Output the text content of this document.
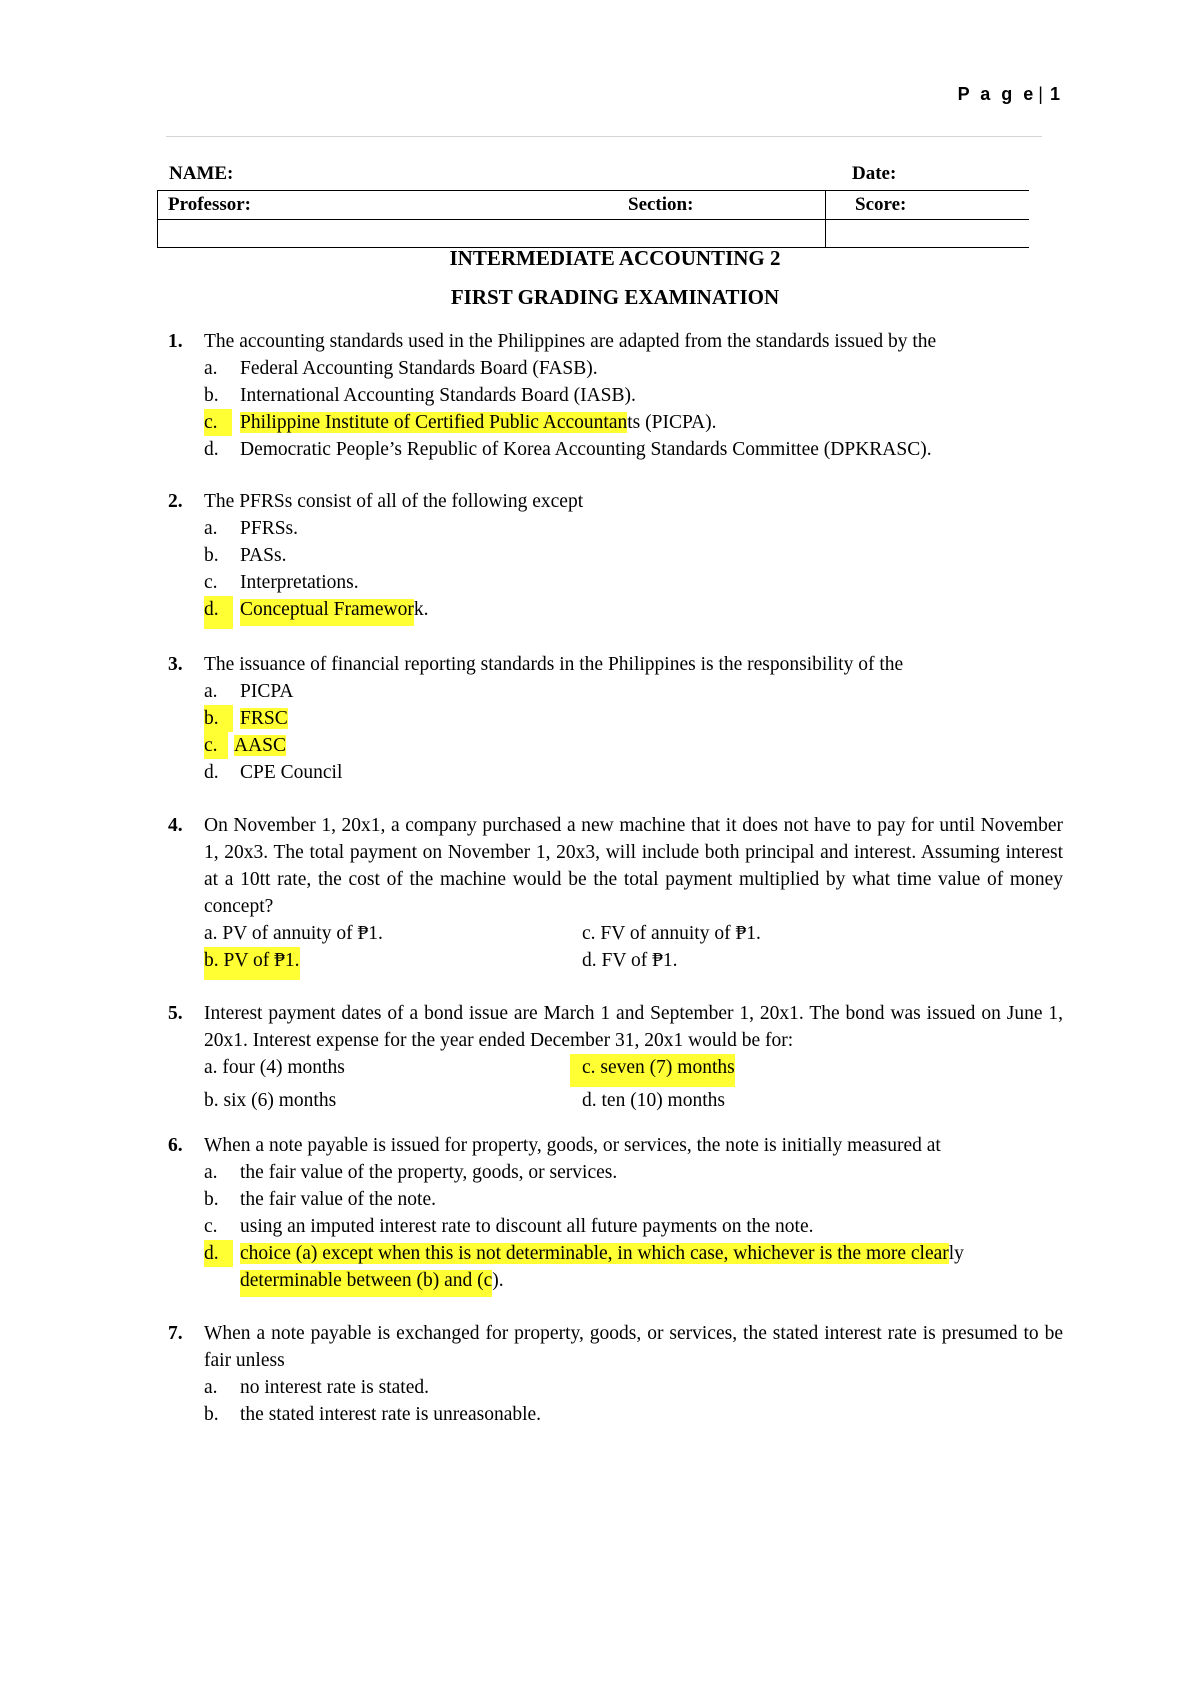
P a g e | 1
NAME:	Date:
Professor:	Section:	Score:
INTERMEDIATE ACCOUNTING 2
FIRST GRADING EXAMINATION
1. The accounting standards used in the Philippines are adapted from the standards issued by the
a. Federal Accounting Standards Board (FASB).
b. International Accounting Standards Board (IASB).
c.	Philippine Institute of Certified Public Accountants (PICPA).
d. Democratic People’s Republic of Korea Accounting Standards Committee (DPKRASC).
2. The PFRSs consist of all of the following except
a. PFRSs.
b. PASs.
c. Interpretations.
d.	Conceptual Framework.
3. The issuance of financial reporting standards in the Philippines is the responsibility of the
a. PICPA
b.	FRSC
c. AASC
d. CPE Council
4. On November 1, 20x1, a company purchased a new machine that it does not have to pay for until November 1, 20x3. The total payment on November 1, 20x3, will include both principal and interest. Assuming interest at a 10tt rate, the cost of the machine would be the total payment multiplied by what time value of money concept?
a. PV of annuity of ₱1.	c. FV of annuity of ₱1.
b. PV of ₱1.	d. FV of ₱1.
5. Interest payment dates of a bond issue are March 1 and September 1, 20x1. The bond was issued on June 1, 20x1. Interest expense for the year ended December 31, 20x1 would be for:
a. four (4) months	c. seven (7) months
b. six (6) months	d. ten (10) months
6. When a note payable is issued for property, goods, or services, the note is initially measured at
a. the fair value of the property, goods, or services.
b. the fair value of the note.
c. using an imputed interest rate to discount all future payments on the note.
d.	choice (a) except when this is not determinable, in which case, whichever is the more clearly
determinable between (b) and (c).
7. When a note payable is exchanged for property, goods, or services, the stated interest rate is presumed to be fair unless
a. no interest rate is stated.
b. the stated interest rate is unreasonable.
